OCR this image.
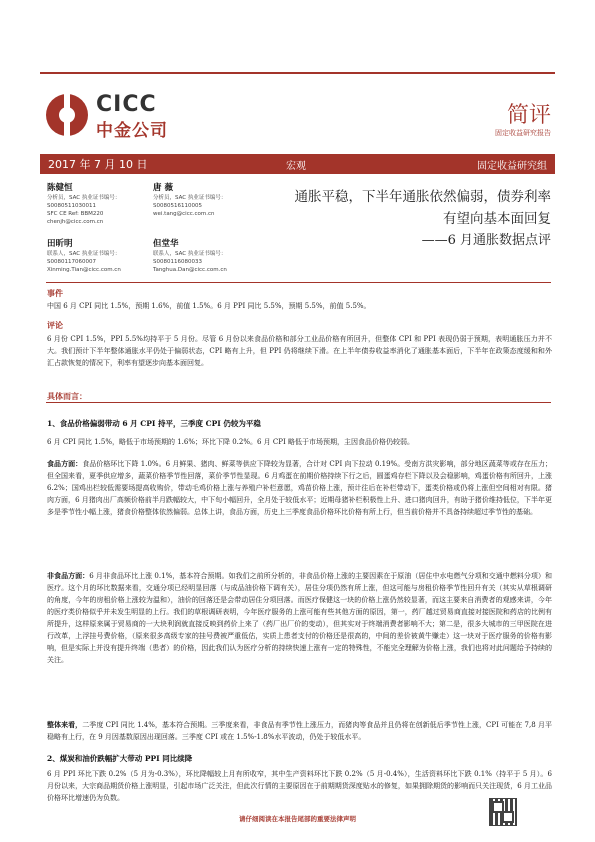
CICC
中金公司
简评
固定收益研究报告
2017 年 7 月 10 日	宏观	固定收益研究组
陈健恒
分析员，SAC 执业证书编号：
S0080511030011
SFC CE Ref: BBM220
chenjh@cicc.com.cn
唐 薇
分析员，SAC 执业证书编号：
S0080516110005
wei.tang@cicc.com.cn
田昕明
联系人，SAC 执业证书编号：
S0080117060007
Xinming.Tian@cicc.com.cn
但堂华
联系人，SAC 执业证书编号：
S0080116080033
Tanghua.Dan@cicc.com.cn
通胀平稳，下半年通胀依然偏弱，债券利率
有望向基本面回复
——6 月通胀数据点评
事件
中国 6 月 CPI 同比 1.5%，预期 1.6%，前值 1.5%。6 月 PPI 同比 5.5%，预期 5.5%，前值 5.5%。
评论
6 月份 CPI 1.5%，PPI 5.5%均持平于 5 月份。尽管 6 月份以来食品价格和部分工业品价格有所回升，但整体 CPI 和 PPI 表现仍弱于预期，表明通胀压力并不大。我们预计下半年整体通胀水平仍处于偏弱状态，CPI 略有上升，但 PPI 仍将继续下滑。在上半年债券收益率消化了通胀基本面后，下半年在政策态度缓和和外汇占款恢复的情况下，利率有望逐步向基本面回复。
具体而言：
1、食品价格偏弱带动 6 月 CPI 持平，三季度 CPI 仍较为平稳
6 月 CPI 同比 1.5%，略低于市场预期的 1.6%；环比下降 0.2%。6 月 CPI 略低于市场预期，主因食品价格仍较弱。
食品方面：食品价格环比下降 1.0%。6 月鲜果、猪肉、鲜菜等供应下降较为显著，合计对 CPI 向下拉动 0.19%。受南方洪灾影响，部分地区蔬菜等或存在压力；但全国来看，夏季供应增多，蔬菜价格季节性回落，菜价季节性显现。6 月鸡蛋在前期价格持续下行之后，圆蛋鸡存栏下降以及会稳影响，鸡蛋价格有所回升，上涨 6.2%；国鸡出栏较低需要场提高收购价，带动毛鸡价格上涨与养殖户补栏意愿，鸡苗价格上涨，预计往后在补栏带动下，蛋类价格或仍将上涨但空间相对有限。猪肉方面，6 月猪肉出厂高频价格前半月跌幅较大，中下旬小幅回升，全月处于较低水平；近期母猪补栏积极性上升、进口猪肉回升，有助于猪价维持低位，下半年更多是季节性小幅上涨，猪食价格整体依然偏弱。总体上讲，食品方面，历史上三季度食品价格环比价格有所上行，但当前价格并不具备持续超过季节性的基础。
非食品方面：6 月非食品环比上涨 0.1%，基本符合预期。如我们之前所分析的，非食品价格上涨的主要因素在于原油（居住中水电燃气分项和交通中燃料分项）和医疗。这个月的环比数据来看，交通分项已经明显回落（与成品油价格下调有关），居住分项仍然有所上涨，但这可能与房租价格季节性回升有关（其实从草根调研的角度，今年的房租价格上涨较为温和），油价的回落还是会带动居住分项回落。而医疗保健这一块的价格上涨仍然较显著，而这主要来自消费者的观感来讲，今年的医疗类价格似乎并未发生明显的上行。我们的草根调研表明，今年医疗服务的上涨可能有些其他方面的原因，第一，药厂越过贸易商直接对接医院和药店的比例有所提升，这样原来属于贸易商的一大块利润就直接反映到药价上来了（药厂出厂价的变动），但其实对于终端消费者影响不大；第二是，很多大城市的三甲医院在进行改革，上浮挂号费价格，（原来很多高级专家的挂号费被严重低估，实质上患者支付的价格还是很高的，中间的差价被黄牛赚走）这一块对于医疗服务的价格有影响，但是实际上并没有提升终端（患者）的价格，因此我们认为医疗分析的持续快速上涨有一定的特殊性，不能完全理解为价格上涨，我们也将对此问题给予持续的关注。
整体来看，二季度 CPI 同比 1.4%，基本符合预期。三季度来看，非食品有季节性上涨压力，而猪肉等食品并且仍将在创新低后季节性上涨，CPI 可能在 7,8 月平稳略有上行，在 9 月因基数原因出现回落。三季度 CPI 或在 1.5%-1.8%水平波动，仍处于较低水平。
2、煤炭和油价跌幅扩大带动 PPI 同比续降
6 月 PPI 环比下跌 0.2%（5 月为-0.3%），环比降幅较上月有所收窄，其中生产资料环比下跌 0.2%（5 月-0.4%），生活资料环比下跌 0.1%（持平于 5 月）。6 月份以来，大宗商品期货价格上涨明显，引起市场广泛关注，但此次行情的主要原因在于前期期货深度贴水的修复，如果拥除期货的影响而只关注现货，6 月工业品价格环比增速仍为负数。
请仔细阅读在本报告尾部的重要法律声明
